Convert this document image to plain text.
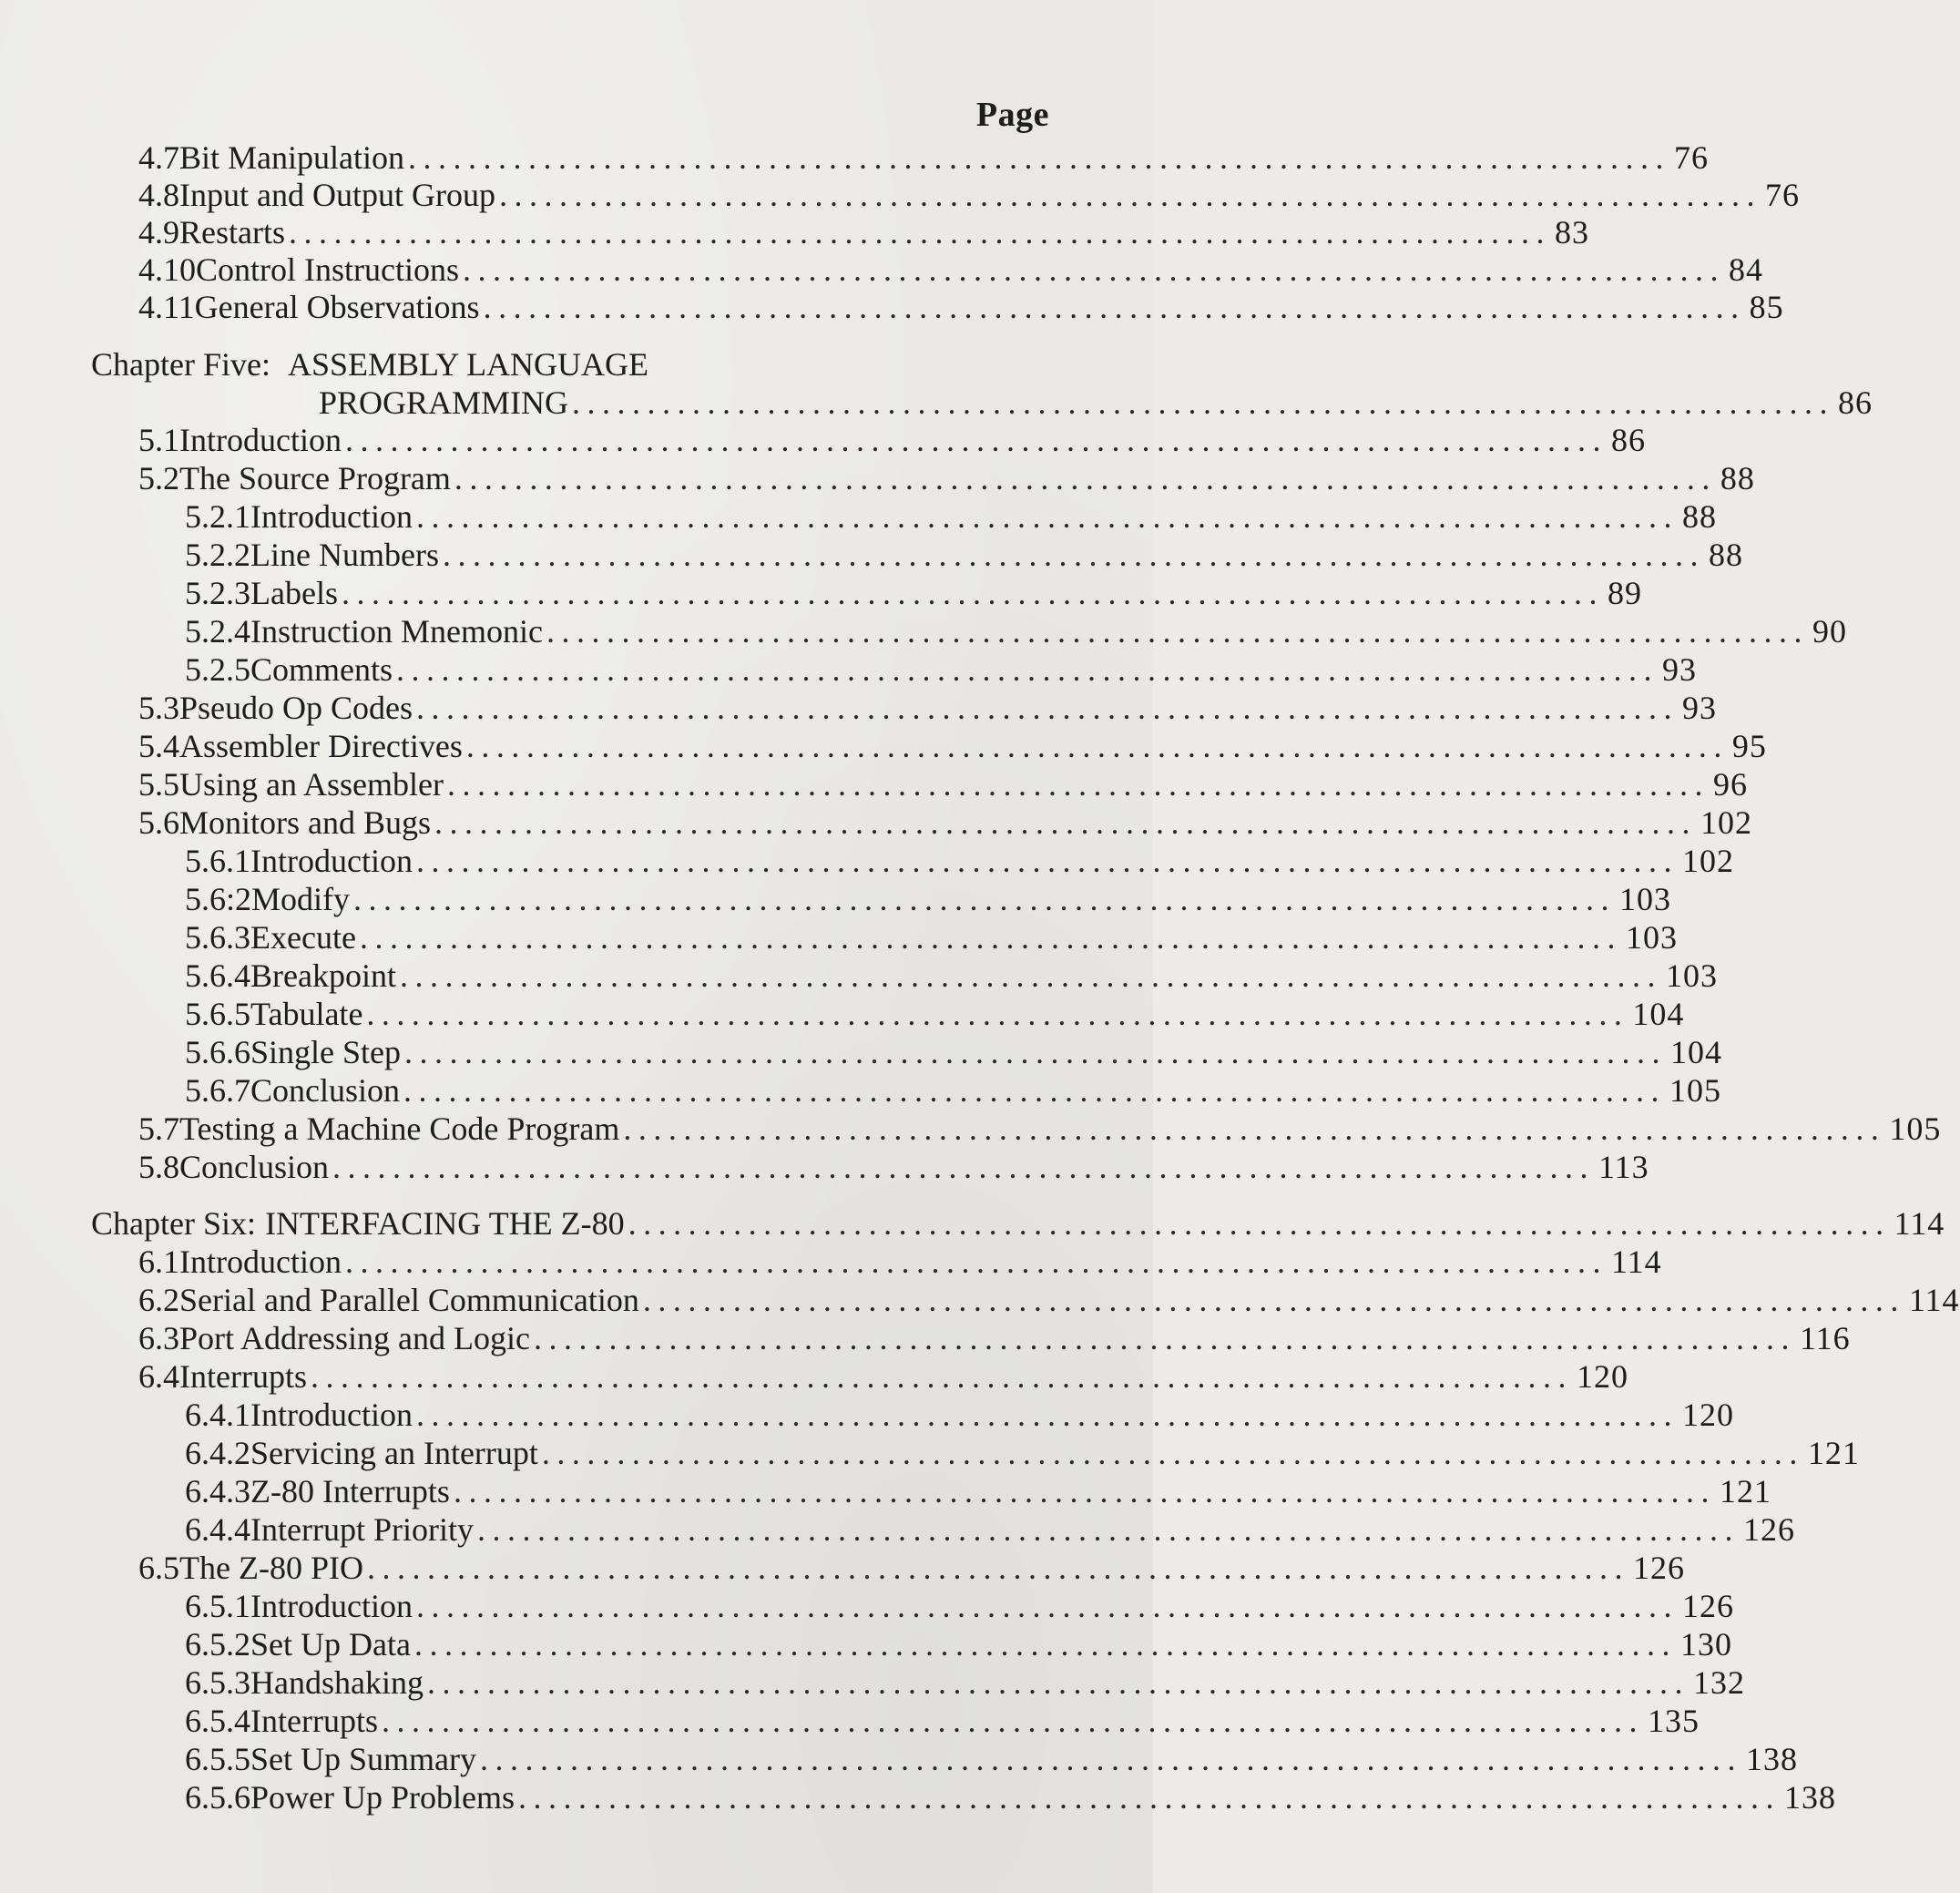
Page
4.7 Bit Manipulation .................................................................................... 76
4.8 Input and Output Group .................................................................................... 76
4.9 Restarts .................................................................................... 83
4.10 Control Instructions .................................................................................... 84
4.11 General Observations .................................................................................... 85
Chapter Five: ASSEMBLY LANGUAGE
PROGRAMMING .................................................................................... 86
5.1 Introduction .................................................................................... 86
5.2 The Source Program .................................................................................... 88
5.2.1 Introduction .................................................................................... 88
5.2.2 Line Numbers .................................................................................... 88
5.2.3 Labels .................................................................................... 89
5.2.4 Instruction Mnemonic .................................................................................... 90
5.2.5 Comments .................................................................................... 93
5.3 Pseudo Op Codes .................................................................................... 93
5.4 Assembler Directives .................................................................................... 95
5.5 Using an Assembler .................................................................................... 96
5.6 Monitors and Bugs .................................................................................... 102
5.6.1 Introduction .................................................................................... 102
5.6:2 Modify .................................................................................... 103
5.6.3 Execute .................................................................................... 103
5.6.4 Breakpoint .................................................................................... 103
5.6.5 Tabulate .................................................................................... 104
5.6.6 Single Step .................................................................................... 104
5.6.7 Conclusion .................................................................................... 105
5.7 Testing a Machine Code Program .................................................................................... 105
5.8 Conclusion .................................................................................... 113
Chapter Six: INTERFACING THE Z-80 .................................................................................... 114
6.1 Introduction .................................................................................... 114
6.2 Serial and Parallel Communication .................................................................................... 114
6.3 Port Addressing and Logic .................................................................................... 116
6.4 Interrupts .................................................................................... 120
6.4.1 Introduction .................................................................................... 120
6.4.2 Servicing an Interrupt .................................................................................... 121
6.4.3 Z-80 Interrupts .................................................................................... 121
6.4.4 Interrupt Priority .................................................................................... 126
6.5 The Z-80 PIO .................................................................................... 126
6.5.1 Introduction .................................................................................... 126
6.5.2 Set Up Data .................................................................................... 130
6.5.3 Handshaking .................................................................................... 132
6.5.4 Interrupts .................................................................................... 135
6.5.5 Set Up Summary .................................................................................... 138
6.5.6 Power Up Problems .................................................................................... 138
